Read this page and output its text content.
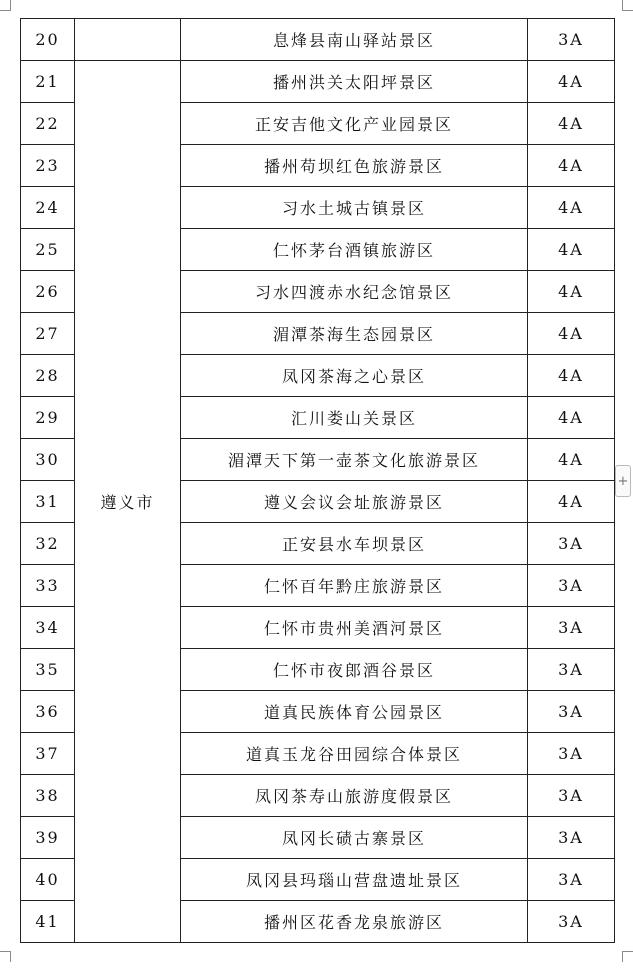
20		息烽县南山驿站景区	3A
21	遵义市	播州洪关太阳坪景区	4A
22		正安吉他文化产业园景区	4A
23		播州苟坝红色旅游景区	4A
24		习水土城古镇景区	4A
25		仁怀茅台酒镇旅游区	4A
26		习水四渡赤水纪念馆景区	4A
27		湄潭茶海生态园景区	4A
28		凤冈茶海之心景区	4A
29		汇川娄山关景区	4A
30		湄潭天下第一壶茶文化旅游景区	4A
31		遵义会议会址旅游景区	4A
32		正安县水车坝景区	3A
33		仁怀百年黔庄旅游景区	3A
34		仁怀市贵州美酒河景区	3A
35		仁怀市夜郎酒谷景区	3A
36		道真民族体育公园景区	3A
37		道真玉龙谷田园综合体景区	3A
38		凤冈茶寿山旅游度假景区	3A
39		凤冈长碛古寨景区	3A
40		凤冈县玛瑙山营盘遗址景区	3A
41		播州区花香龙泉旅游区	3A
+
